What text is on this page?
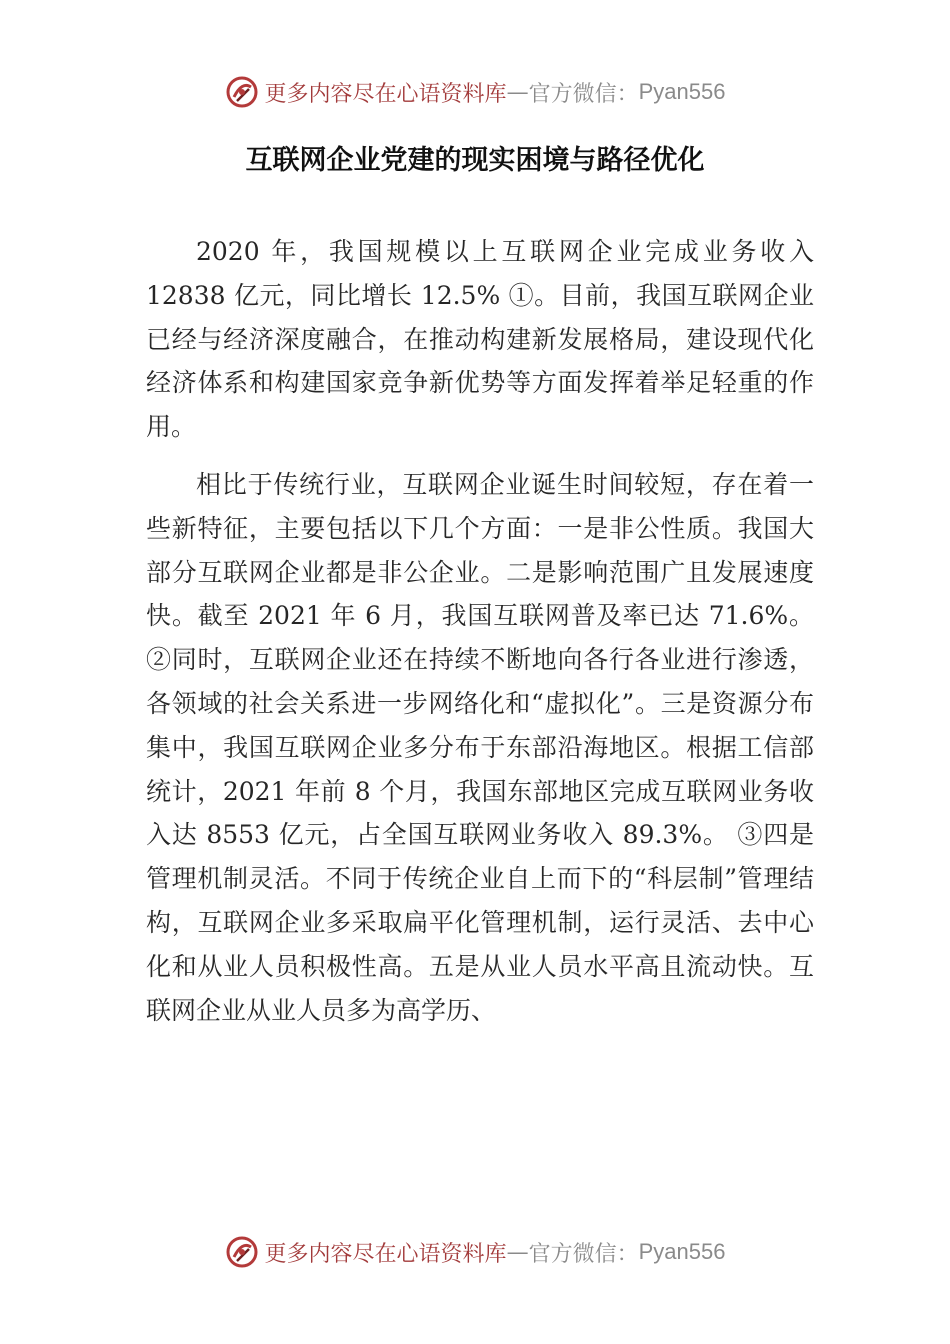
更多内容尽在心语资料库 — 官方微信： Pyan556
互联网企业党建的现实困境与路径优化

2020 年，我国规模以上互联网企业完成业务收入 12838 亿元，同比增长 12.5% ①。目前，我国互联网企业已经与经济深度融合，在推动构建新发展格局，建设现代化经济体系和构建国家竞争新优势等方面发挥着举足轻重的作用。

相比于传统行业，互联网企业诞生时间较短，存在着一些新特征，主要包括以下几个方面：一是非公性质。我国大部分互联网企业都是非公企业。二是影响范围广且发展速度快。截至 2021 年 6 月，我国互联网普及率已达 71.6%。 ②同时，互联网企业还在持续不断地向各行各业进行渗透，各领域的社会关系进一步网络化和“虚拟化”。三是资源分布集中，我国互联网企业多分布于东部沿海地区。根据工信部统计，2021 年前 8 个月，我国东部地区完成互联网业务收入达 8553 亿元，占全国互联网业务收入 89.3%。 ③四是管理机制灵活。不同于传统企业自上而下的“科层制”管理结构，互联网企业多采取扁平化管理机制，运行灵活、去中心化和从业人员积极性高。五是从业人员水平高且流动快。互联网企业从业人员多为高学历、

更多内容尽在心语资料库 — 官方微信： Pyan556
